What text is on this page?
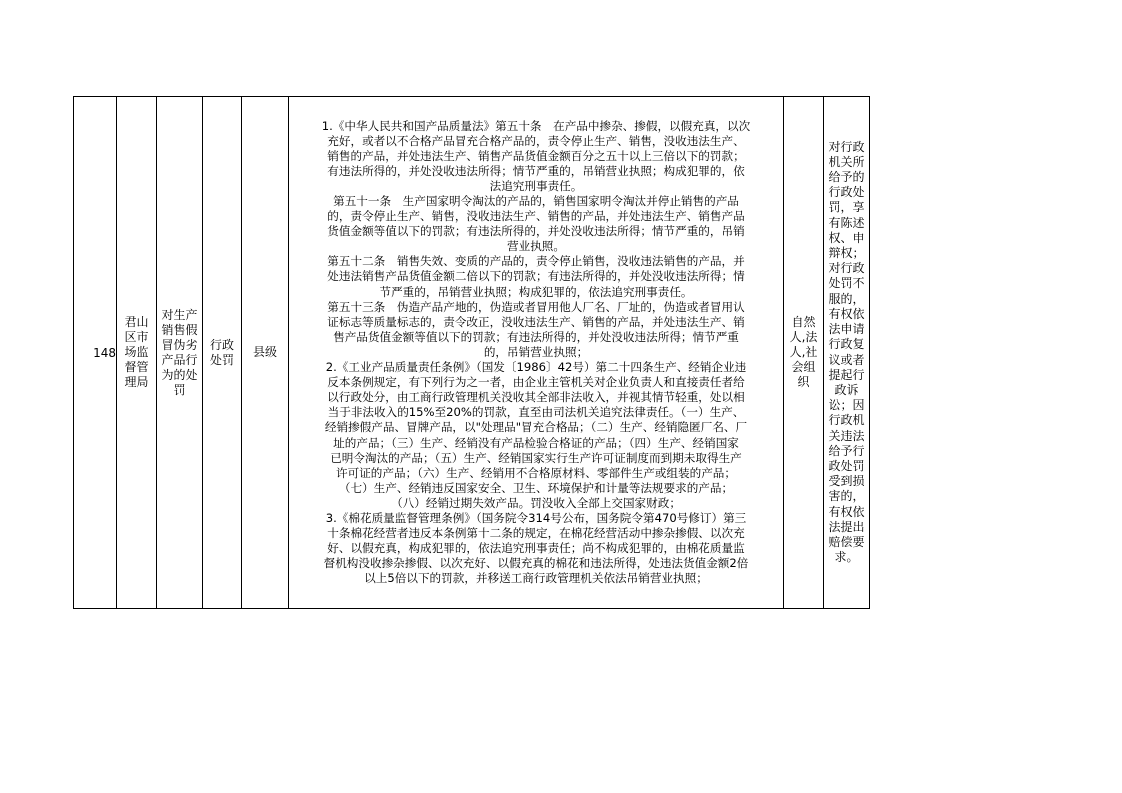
148	
君山
区市
场监
督管
理局

对生产
销售假
冒伪劣
产品行
为的处
罚

行政
处罚

县级

1.《中华人民共和国产品质量法》第五十条　在产品中掺杂、掺假，以假充真，以次
充好，或者以不合格产品冒充合格产品的，责令停止生产、销售，没收违法生产、
销售的产品，并处违法生产、销售产品货值金额百分之五十以上三倍以下的罚款；
有违法所得的，并处没收违法所得；情节严重的，吊销营业执照；构成犯罪的，依
法追究刑事责任。
第五十一条　生产国家明令淘汰的产品的，销售国家明令淘汰并停止销售的产品
的，责令停止生产、销售，没收违法生产、销售的产品，并处违法生产、销售产品
货值金额等值以下的罚款；有违法所得的，并处没收违法所得；情节严重的，吊销
营业执照。
第五十二条　销售失效、变质的产品的，责令停止销售，没收违法销售的产品，并
处违法销售产品货值金额二倍以下的罚款；有违法所得的，并处没收违法所得；情
节严重的，吊销营业执照；构成犯罪的，依法追究刑事责任。
第五十三条　伪造产品产地的，伪造或者冒用他人厂名、厂址的，伪造或者冒用认
证标志等质量标志的，责令改正，没收违法生产、销售的产品，并处违法生产、销
售产品货值金额等值以下的罚款；有违法所得的，并处没收违法所得；情节严重
的，吊销营业执照；
2.《工业产品质量责任条例》（国发〔1986〕42号）第二十四条生产、经销企业违
反本条例规定，有下列行为之一者，由企业主管机关对企业负责人和直接责任者给
以行政处分，由工商行政管理机关没收其全部非法收入，并视其情节轻重，处以相
当于非法收入的15%至20%的罚款，直至由司法机关追究法律责任。（一）生产、
经销掺假产品、冒牌产品，以"处理品"冒充合格品；（二）生产、经销隐匿厂名、厂
址的产品；（三）生产、经销没有产品检验合格证的产品；（四）生产、经销国家
已明令淘汰的产品；（五）生产、经销国家实行生产许可证制度而到期未取得生产
许可证的产品；（六）生产、经销用不合格原材料、零部件生产或组装的产品；
（七）生产、经销违反国家安全、卫生、环境保护和计量等法规要求的产品；
（八）经销过期失效产品。罚没收入全部上交国家财政；
3.《棉花质量监督管理条例》（国务院令314号公布，国务院令第470号修订）第三
十条棉花经营者违反本条例第十二条的规定，在棉花经营活动中掺杂掺假、以次充
好、以假充真，构成犯罪的，依法追究刑事责任；尚不构成犯罪的，由棉花质量监
督机构没收掺杂掺假、以次充好、以假充真的棉花和违法所得，处违法货值金额2倍
以上5倍以下的罚款，并移送工商行政管理机关依法吊销营业执照；

自然
人,法
人,社
会组
织

对行政
机关所
给予的
行政处
罚，享
有陈述
权、申
辩权；
对行政
处罚不
服的，
有权依
法申请
行政复
议或者
提起行
政诉
讼；因
行政机
关违法
给予行
政处罚
受到损
害的，
有权依
法提出
赔偿要
求。
